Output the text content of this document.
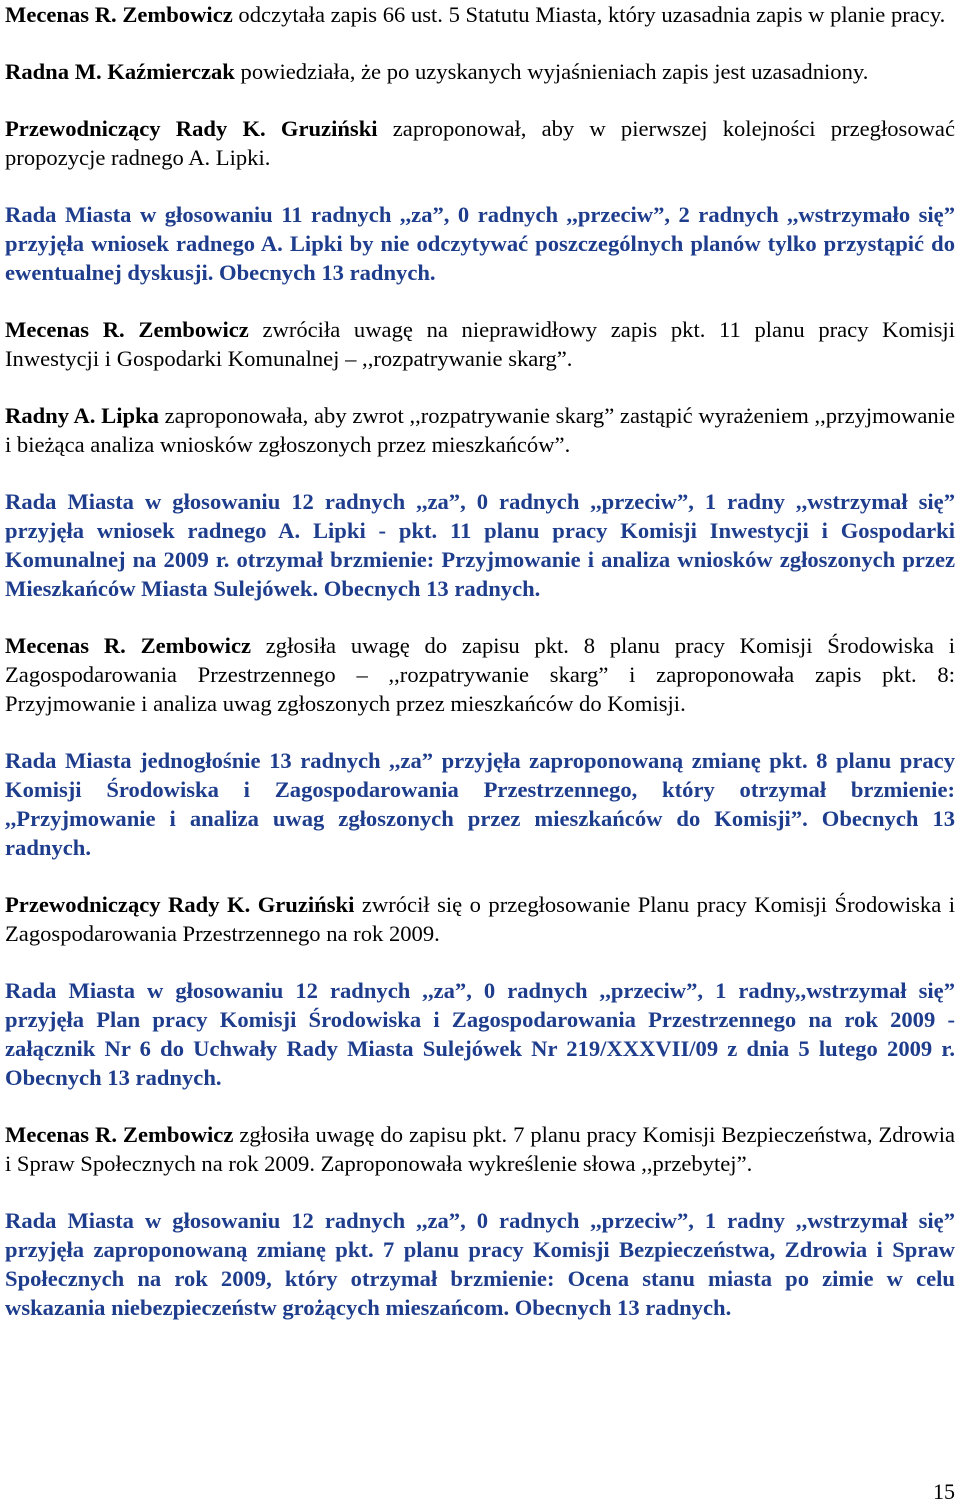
Mecenas R. Zembowicz odczytała zapis 66 ust. 5 Statutu Miasta, który uzasadnia zapis w planie pracy.

Radna M. Kaźmierczak powiedziała, że po uzyskanych wyjaśnieniach zapis jest uzasadniony.

Przewodniczący Rady K. Gruziński zaproponował, aby w pierwszej kolejności przegłosować propozycje radnego A. Lipki.

Rada Miasta w głosowaniu 11 radnych ,,za”, 0 radnych ,,przeciw”, 2 radnych ,,wstrzymało się” przyjęła wniosek radnego A. Lipki by nie odczytywać poszczególnych planów tylko przystąpić do ewentualnej dyskusji. Obecnych 13 radnych.

Mecenas R. Zembowicz zwróciła uwagę na nieprawidłowy zapis pkt. 11 planu pracy Komisji Inwestycji i Gospodarki Komunalnej – ,,rozpatrywanie skarg”.

Radny A. Lipka zaproponowała, aby zwrot ,,rozpatrywanie skarg” zastąpić wyrażeniem ,,przyjmowanie i bieżąca analiza wniosków zgłoszonych przez mieszkańców”.

Rada Miasta w głosowaniu 12 radnych ,,za”, 0 radnych ,,przeciw”, 1 radny ,,wstrzymał się” przyjęła wniosek radnego A. Lipki - pkt. 11 planu pracy Komisji Inwestycji i Gospodarki Komunalnej na 2009 r. otrzymał brzmienie: Przyjmowanie i analiza wniosków zgłoszonych przez Mieszkańców Miasta Sulejówek. Obecnych 13 radnych.

Mecenas R. Zembowicz zgłosiła uwagę do zapisu pkt. 8 planu pracy Komisji Środowiska i Zagospodarowania Przestrzennego – ,,rozpatrywanie skarg” i zaproponowała zapis pkt. 8: Przyjmowanie i analiza uwag zgłoszonych przez mieszkańców do Komisji.

Rada Miasta jednogłośnie 13 radnych ,,za” przyjęła zaproponowaną zmianę pkt. 8 planu pracy Komisji Środowiska i Zagospodarowania Przestrzennego, który otrzymał brzmienie: ,,Przyjmowanie i analiza uwag zgłoszonych przez mieszkańców do Komisji”. Obecnych 13 radnych.

Przewodniczący Rady K. Gruziński zwrócił się o przegłosowanie Planu pracy Komisji Środowiska i Zagospodarowania Przestrzennego na rok 2009.

Rada Miasta w głosowaniu 12 radnych ,,za”, 0 radnych ,,przeciw”, 1 radny,,wstrzymał się” przyjęła Plan pracy Komisji Środowiska i Zagospodarowania Przestrzennego na rok 2009 - załącznik Nr 6 do Uchwały Rady Miasta Sulejówek Nr 219/XXXVII/09 z dnia 5 lutego 2009 r. Obecnych 13 radnych.

Mecenas R. Zembowicz zgłosiła uwagę do zapisu pkt. 7 planu pracy Komisji Bezpieczeństwa, Zdrowia i Spraw Społecznych na rok 2009. Zaproponowała wykreślenie słowa ,,przebytej”.

Rada Miasta w głosowaniu 12 radnych ,,za”, 0 radnych ,,przeciw”, 1 radny ,,wstrzymał się” przyjęła zaproponowaną zmianę pkt. 7 planu pracy Komisji Bezpieczeństwa, Zdrowia i Spraw Społecznych na rok 2009, który otrzymał brzmienie: Ocena stanu miasta po zimie w celu wskazania niebezpieczeństw grożących mieszańcom. Obecnych 13 radnych.

15
